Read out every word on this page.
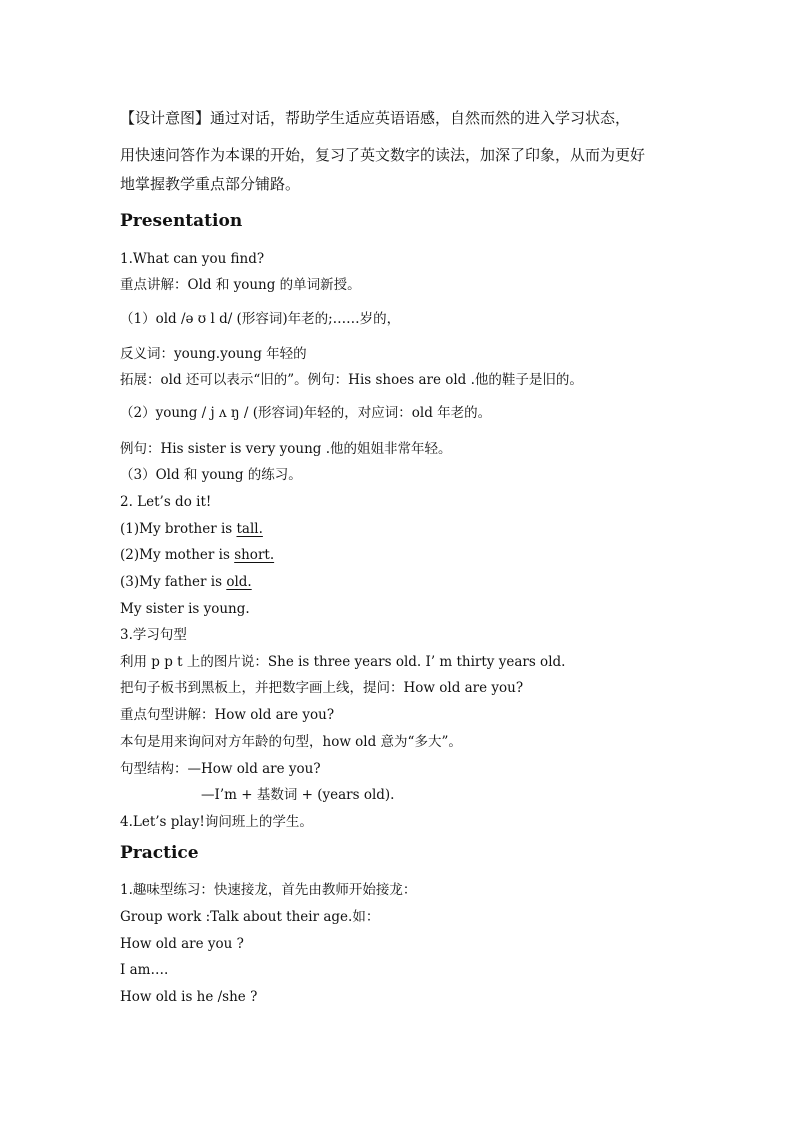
【设计意图】通过对话，帮助学生适应英语语感，自然而然的进入学习状态，
用快速问答作为本课的开始，复习了英文数字的读法，加深了印象，从而为更好
地掌握教学重点部分铺路。
Presentation
1.What can you find?
重点讲解：Old 和 young 的单词新授。
（1）old /ə ʊ l d/ (形容词)年老的;……岁的，
反义词：young.young 年轻的
拓展：old 还可以表示“旧的”。例句：His shoes are old .他的鞋子是旧的。
（2）young / j ʌ ŋ / (形容词)年轻的，对应词：old 年老的。
例句：His sister is very young .他的姐姐非常年轻。
（3）Old 和 young 的练习。
2. Let’s do it!
(1)My brother is tall.
(2)My mother is short.
(3)My father is old.
My sister is young.
3.学习句型
利用 p p t 上的图片说：She is three years old. I’ m thirty years old.
把句子板书到黑板上，并把数字画上线，提问：How old are you?
重点句型讲解：How old are you?
本句是用来询问对方年龄的句型，how old 意为“多大”。
句型结构：—How old are you?
—I’m + 基数词 + (years old).
4.Let’s play!询问班上的学生。
Practice
1.趣味型练习：快速接龙，首先由教师开始接龙：
Group work :Talk about their age.如：
How old are you ?
I am….
How old is he /she ?
